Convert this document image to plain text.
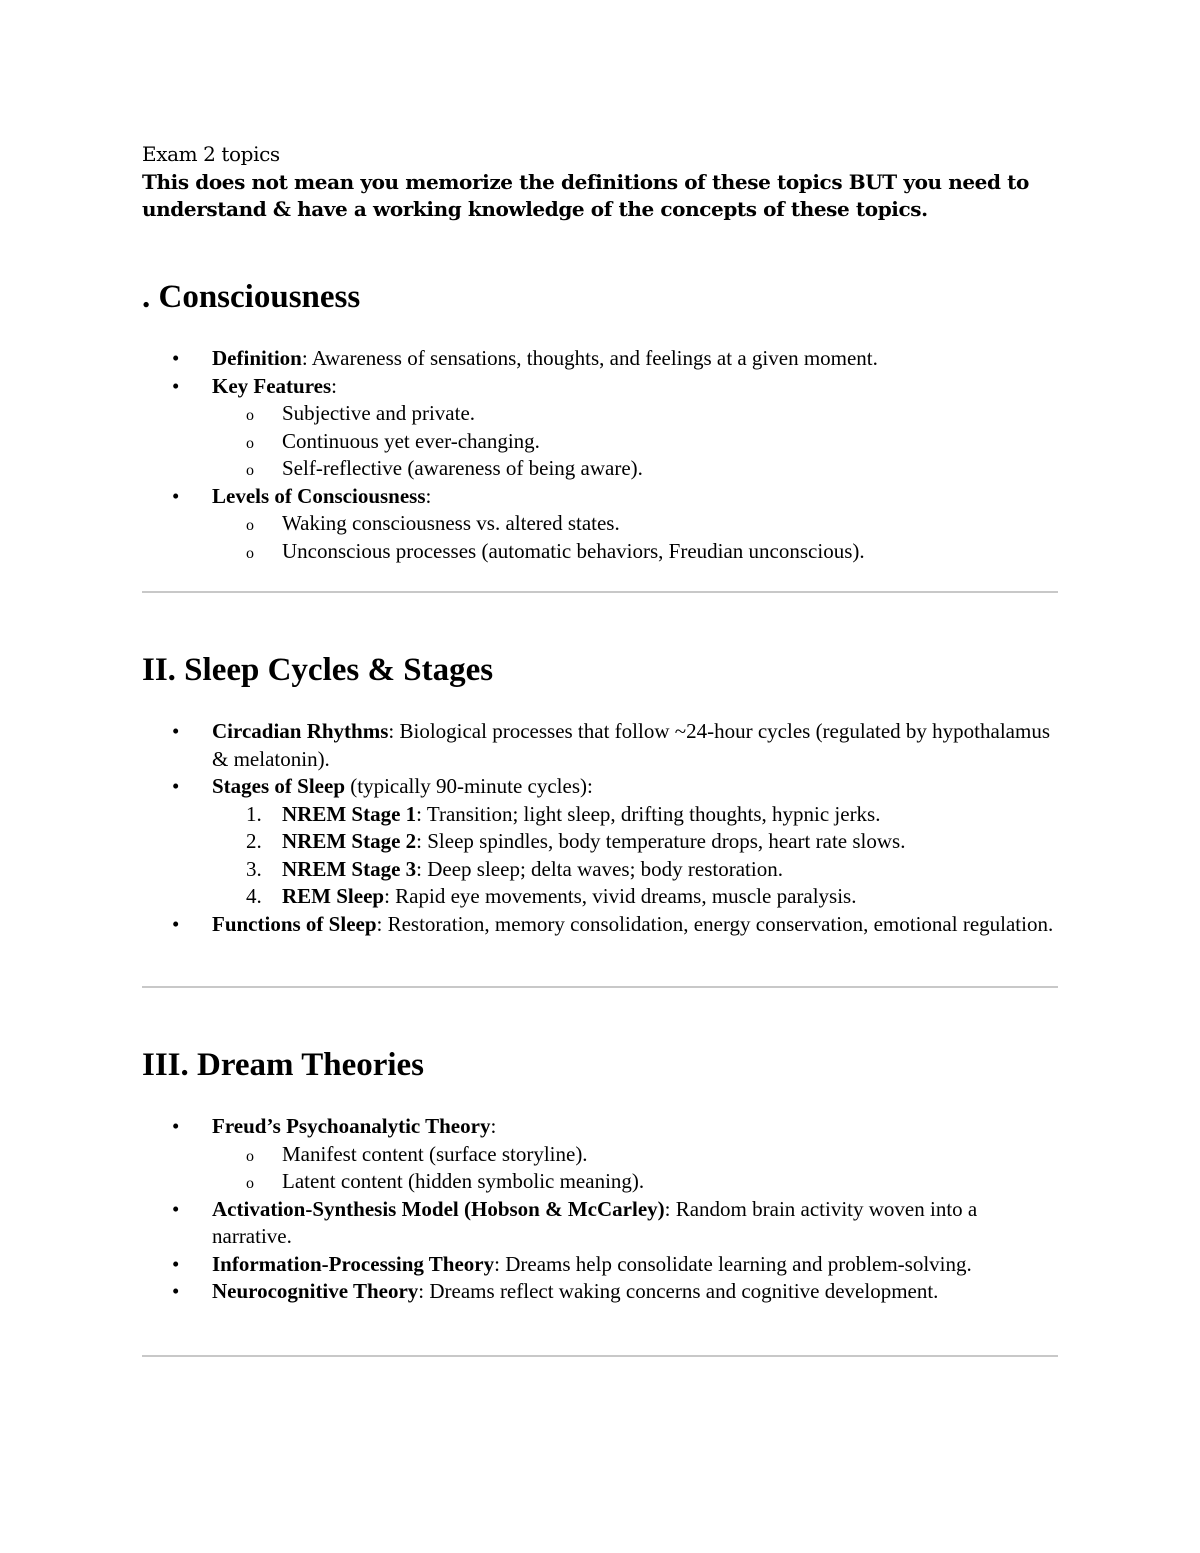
Exam 2 topics
This does not mean you memorize the definitions of these topics BUT you need to
understand & have a working knowledge of the concepts of these topics.
. Consciousness
• Definition: Awareness of sensations, thoughts, and feelings at a given moment.
• Key Features:
o Subjective and private.
o Continuous yet ever-changing.
o Self-reflective (awareness of being aware).
• Levels of Consciousness:
o Waking consciousness vs. altered states.
o Unconscious processes (automatic behaviors, Freudian unconscious).
II. Sleep Cycles & Stages
• Circadian Rhythms: Biological processes that follow ~24-hour cycles (regulated by hypothalamus & melatonin).
• Stages of Sleep (typically 90-minute cycles):
1. NREM Stage 1: Transition; light sleep, drifting thoughts, hypnic jerks.
2. NREM Stage 2: Sleep spindles, body temperature drops, heart rate slows.
3. NREM Stage 3: Deep sleep; delta waves; body restoration.
4. REM Sleep: Rapid eye movements, vivid dreams, muscle paralysis.
• Functions of Sleep: Restoration, memory consolidation, energy conservation, emotional regulation.
III. Dream Theories
• Freud’s Psychoanalytic Theory:
o Manifest content (surface storyline).
o Latent content (hidden symbolic meaning).
• Activation-Synthesis Model (Hobson & McCarley): Random brain activity woven into a narrative.
• Information-Processing Theory: Dreams help consolidate learning and problem-solving.
• Neurocognitive Theory: Dreams reflect waking concerns and cognitive development.
